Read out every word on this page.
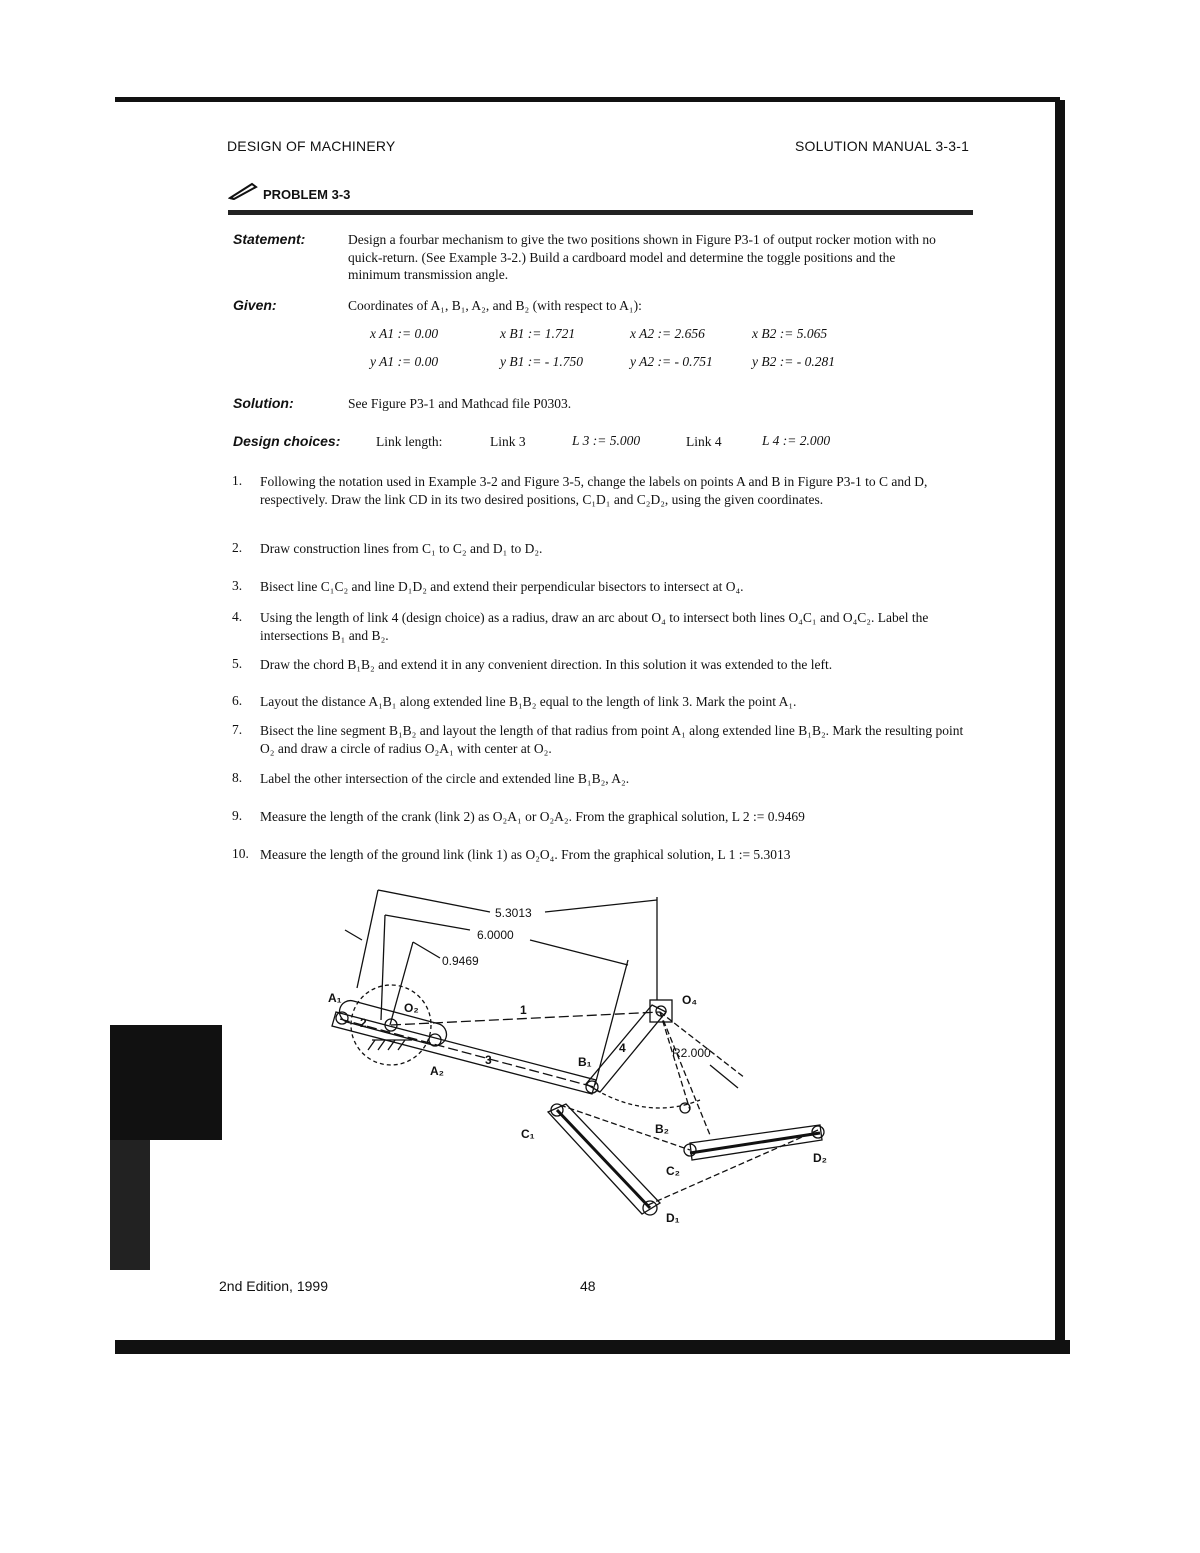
DESIGN OF MACHINERY	SOLUTION MANUAL 3-3-1
PROBLEM 3-3
Statement:	Design a fourbar mechanism to give the two positions shown in Figure P3-1 of output rocker motion with no quick-return. (See Example 3-2.) Build a cardboard model and determine the toggle positions and the minimum transmission angle.
Given:	Coordinates of A₁, B₁, A₂, and B₂ (with respect to A₁):
x A1 := 0.00	x B1 := 1.721	x A2 := 2.656	x B2 := 5.065
y A1 := 0.00	y B1 := - 1.750	y A2 := - 0.751	y B2 := - 0.281
Solution:	See Figure P3-1 and Mathcad file P0303.
Design choices:	Link length:	Link 3	L 3 := 5.000	Link 4	L 4 := 2.000
1. Following the notation used in Example 3-2 and Figure 3-5, change the labels on points A and B in Figure P3-1 to C and D, respectively. Draw the link CD in its two desired positions, C₁D₁ and C₂D₂, using the given coordinates.
2. Draw construction lines from C₁ to C₂ and D₁ to D₂.
3. Bisect line C₁C₂ and line D₁D₂ and extend their perpendicular bisectors to intersect at O₄.
4. Using the length of link 4 (design choice) as a radius, draw an arc about O₄ to intersect both lines O₄C₁ and O₄C₂. Label the intersections B₁ and B₂.
5. Draw the chord B₁B₂ and extend it in any convenient direction. In this solution it was extended to the left.
6. Layout the distance A₁B₁ along extended line B₁B₂ equal to the length of link 3. Mark the point A₁.
7. Bisect the line segment B₁B₂ and layout the length of that radius from point A₁ along extended line B₁B₂. Mark the resulting point O₂ and draw a circle of radius O₂A₁ with center at O₂.
8. Label the other intersection of the circle and extended line B₁B₂, A₂.
9. Measure the length of the crank (link 2) as O₂A₁ or O₂A₂. From the graphical solution, L 2 := 0.9469
10. Measure the length of the ground link (link 1) as O₂O₄. From the graphical solution, L 1 := 5.3013
5.3013
6.0000
0.9469
R2.000
A₁
O₂
A₂
O₄
B₁
B₂
C₁
C₂
D₁
D₂
1
2
3
4
2nd Edition, 1999	48
